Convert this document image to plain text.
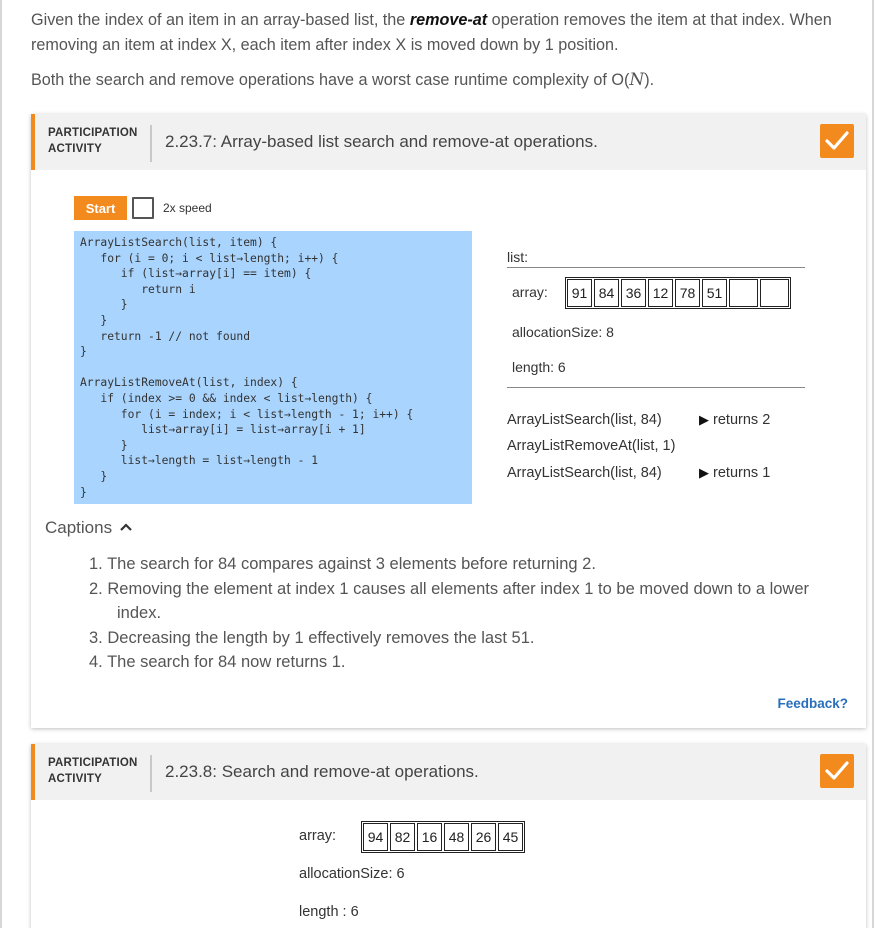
Given the index of an item in an array-based list, the remove-at operation removes the item at that index. When removing an item at index X, each item after index X is moved down by 1 position.

Both the search and remove operations have a worst case runtime complexity of O(N).

PARTICIPATION
ACTIVITY	2.23.7: Array-based list search and remove-at operations.
Start	2x speed
ArrayListSearch(list, item) {
for (i = 0; i < list→length; i++) {
if (list→array[i] == item) {
return i
}
}
return -1 // not found
}

ArrayListRemoveAt(list, index) {
if (index >= 0 && index < list→length) {
for (i = index; i < list→length - 1; i++) {
list→array[i] = list→array[i + 1]
}
list→length = list→length - 1
}
}
list:
array:	91 84 36 12 78 51
allocationSize: 8
length: 6
ArrayListSearch(list, 84)	▶ returns 2
ArrayListRemoveAt(list, 1)
ArrayListSearch(list, 84)	▶ returns 1
Captions
1. The search for 84 compares against 3 elements before returning 2.
2. Removing the element at index 1 causes all elements after index 1 to be moved down to a lower index.
3. Decreasing the length by 1 effectively removes the last 51.
4. The search for 84 now returns 1.
Feedback?
PARTICIPATION
ACTIVITY	2.23.8: Search and remove-at operations.
array:	94 82 16 48 26 45
allocationSize: 6
length : 6
